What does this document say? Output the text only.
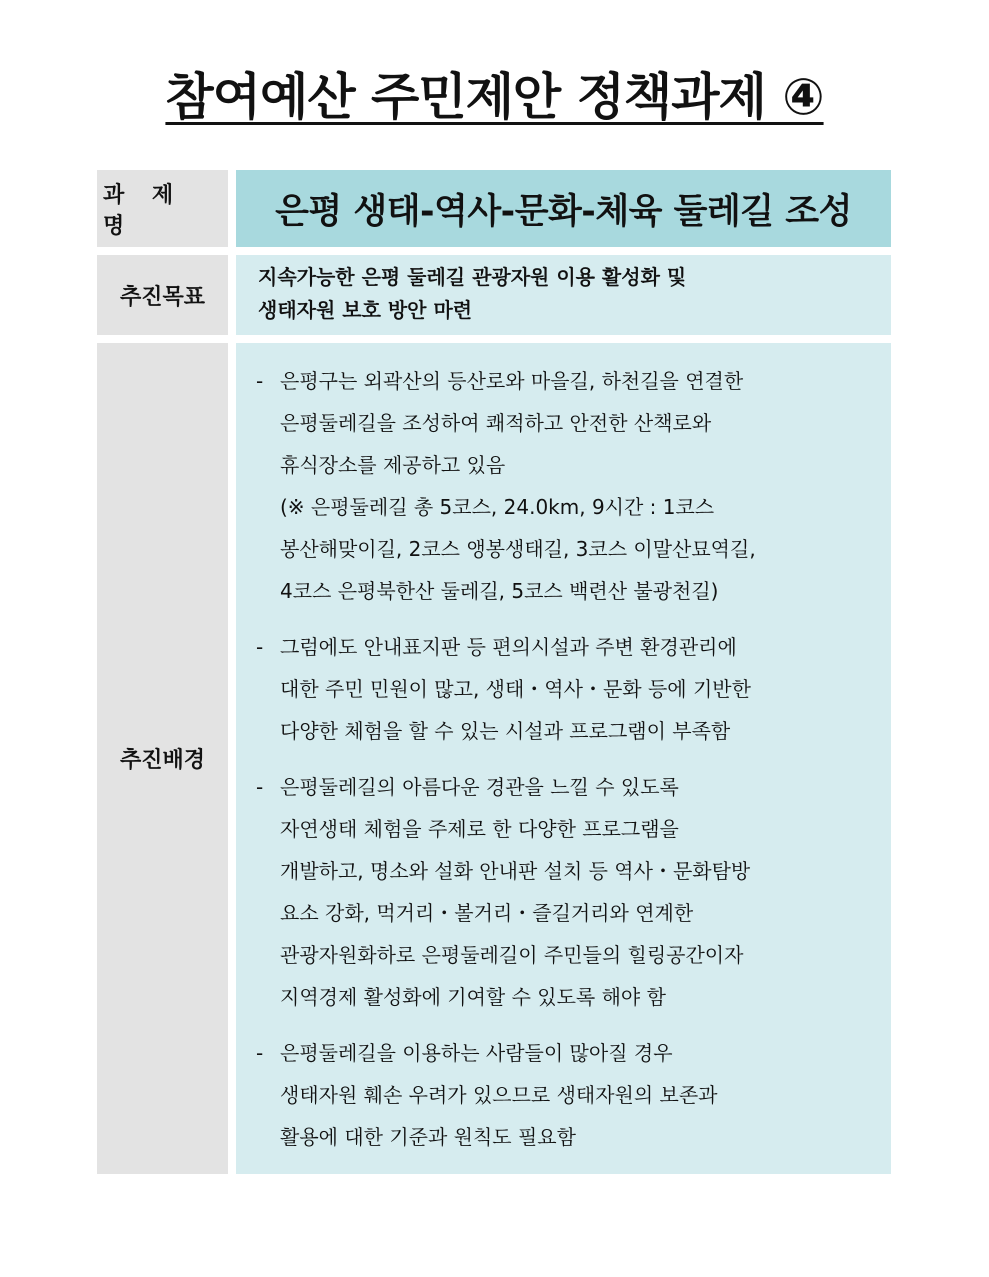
참여예산 주민제안 정책과제 ④
과 제 명	은평 생태-역사-문화-체육 둘레길 조성
추진목표
지속가능한 은평 둘레길 관광자원 이용 활성화 및
생태자원 보호 방안 마련
추진배경
- 은평구는 외곽산의 등산로와 마을길, 하천길을 연결한
은평둘레길을 조성하여 쾌적하고 안전한 산책로와
휴식장소를 제공하고 있음
(※ 은평둘레길 총 5코스, 24.0km, 9시간 : 1코스
봉산해맞이길, 2코스 앵봉생태길, 3코스 이말산묘역길,
4코스 은평북한산 둘레길, 5코스 백련산 불광천길)
- 그럼에도 안내표지판 등 편의시설과 주변 환경관리에
대한 주민 민원이 많고, 생태・역사・문화 등에 기반한
다양한 체험을 할 수 있는 시설과 프로그램이 부족함
- 은평둘레길의 아름다운 경관을 느낄 수 있도록
자연생태 체험을 주제로 한 다양한 프로그램을
개발하고, 명소와 설화 안내판 설치 등 역사・문화탐방
요소 강화, 먹거리・볼거리・즐길거리와 연계한
관광자원화하로 은평둘레길이 주민들의 힐링공간이자
지역경제 활성화에 기여할 수 있도록 해야 함
- 은평둘레길을 이용하는 사람들이 많아질 경우
생태자원 훼손 우려가 있으므로 생태자원의 보존과
활용에 대한 기준과 원칙도 필요함
